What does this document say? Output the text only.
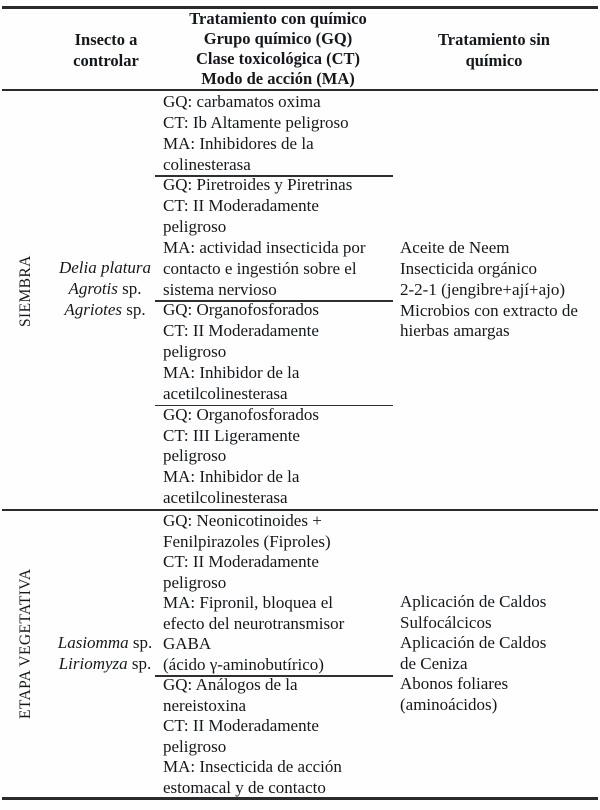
Insecto a
controlar
Tratamiento con químico
Grupo químico (GQ)
Clase toxicológica (CT)
Modo de acción (MA)
Tratamiento sin
químico
SIEMBRA
ETAPA VEGETATIVA
Delia platura
Agrotis sp.
Agriotes sp.
GQ: carbamatos oxima
CT: Ib Altamente peligroso
MA: Inhibidores de la
colinesterasa
GQ: Piretroides y Piretrinas
CT: II Moderadamente
peligroso
MA: actividad insecticida por
contacto e ingestión sobre el
sistema nervioso
GQ: Organofosforados
CT: II Moderadamente
peligroso
MA: Inhibidor de la
acetilcolinesterasa
GQ: Organofosforados
CT: III Ligeramente
peligroso
MA: Inhibidor de la
acetilcolinesterasa
Aceite de Neem
Insecticida orgánico
2-2-1 (jengibre+ají+ajo)
Microbios con extracto de
hierbas amargas
Lasiomma sp.
Liriomyza sp.
GQ: Neonicotinoides +
Fenilpirazoles (Fiproles)
CT: II Moderadamente
peligroso
MA: Fipronil, bloquea el
efecto del neurotransmisor
GABA
(ácido γ-aminobutírico)
GQ: Análogos de la
nereistoxina
CT: II Moderadamente
peligroso
MA: Insecticida de acción
estomacal y de contacto
Aplicación de Caldos
Sulfocálcicos
Aplicación de Caldos
de Ceniza
Abonos foliares
(aminoácidos)
